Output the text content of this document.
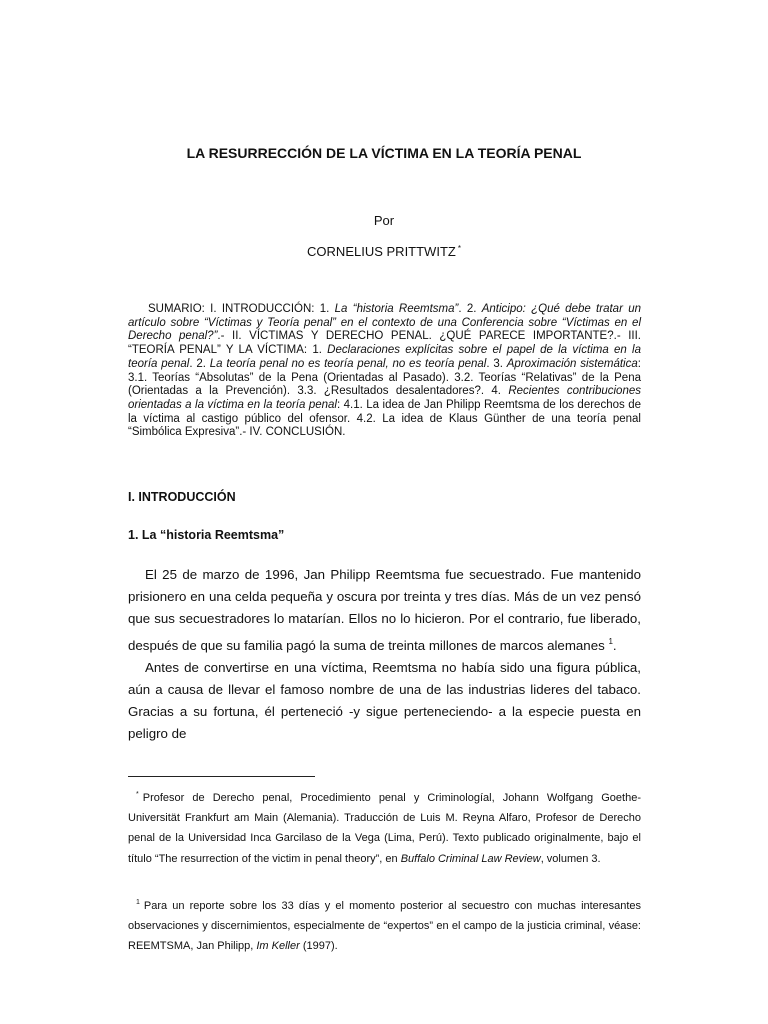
LA RESURRECCIÓN DE LA VÍCTIMA EN LA TEORÍA PENAL
Por
CORNELIUS PRITTWITZ *
SUMARIO: I. INTRODUCCIÓN: 1. La “historia Reemtsma”. 2. Anticipo: ¿Qué debe tratar un artículo sobre “Víctimas y Teoría penal” en el contexto de una Conferencia sobre “Víctimas en el Derecho penal?”.- II. VÍCTIMAS Y DERECHO PENAL. ¿QUÉ PARECE IMPORTANTE?.- III. “TEORÍA PENAL” Y LA VÍCTIMA: 1. Declaraciones explícitas sobre el papel de la víctima en la teoría penal. 2. La teoría penal no es teoría penal, no es teoría penal. 3. Aproximación sistemática: 3.1. Teorías “Absolutas” de la Pena (Orientadas al Pasado). 3.2. Teorías “Relativas” de la Pena (Orientadas a la Prevención). 3.3. ¿Resultados desalentadores?. 4. Recientes contribuciones orientadas a la víctima en la teoría penal: 4.1. La idea de Jan Philipp Reemtsma de los derechos de la víctima al castigo público del ofensor. 4.2. La idea de Klaus Günther de una teoría penal “Simbólica Expresiva”.- IV. CONCLUSIÓN.
I. INTRODUCCIÓN
1. La “historia Reemtsma”

El 25 de marzo de 1996, Jan Philipp Reemtsma fue secuestrado. Fue mantenido prisionero en una celda pequeña y oscura por treinta y tres días. Más de un vez pensó que sus secuestradores lo matarían. Ellos no lo hicieron. Por el contrario, fue liberado, después de que su familia pagó la suma de treinta millones de marcos alemanes $^1$.

Antes de convertirse en una víctima, Reemtsma no había sido una figura pública, aún a causa de llevar el famoso nombre de una de las industrias lideres del tabaco. Gracias a su fortuna, él perteneció -y sigue perteneciendo- a la especie puesta en peligro de

* Profesor de Derecho penal, Procedimiento penal y Criminologíal, Johann Wolfgang Goethe-Universität Frankfurt am Main (Alemania). Traducción de Luis M. Reyna Alfaro, Profesor de Derecho penal de la Universidad Inca Garcilaso de la Vega (Lima, Perú). Texto publicado originalmente, bajo el título “The resurrection of the victim in penal theory”, en Buffalo Criminal Law Review, volumen 3.
$^1$ Para un reporte sobre los 33 días y el momento posterior al secuestro con muchas interesantes observaciones y discernimientos, especialmente de “expertos” en el campo de la justicia criminal, véase: REEMTSMA, Jan Philipp, Im Keller (1997).
